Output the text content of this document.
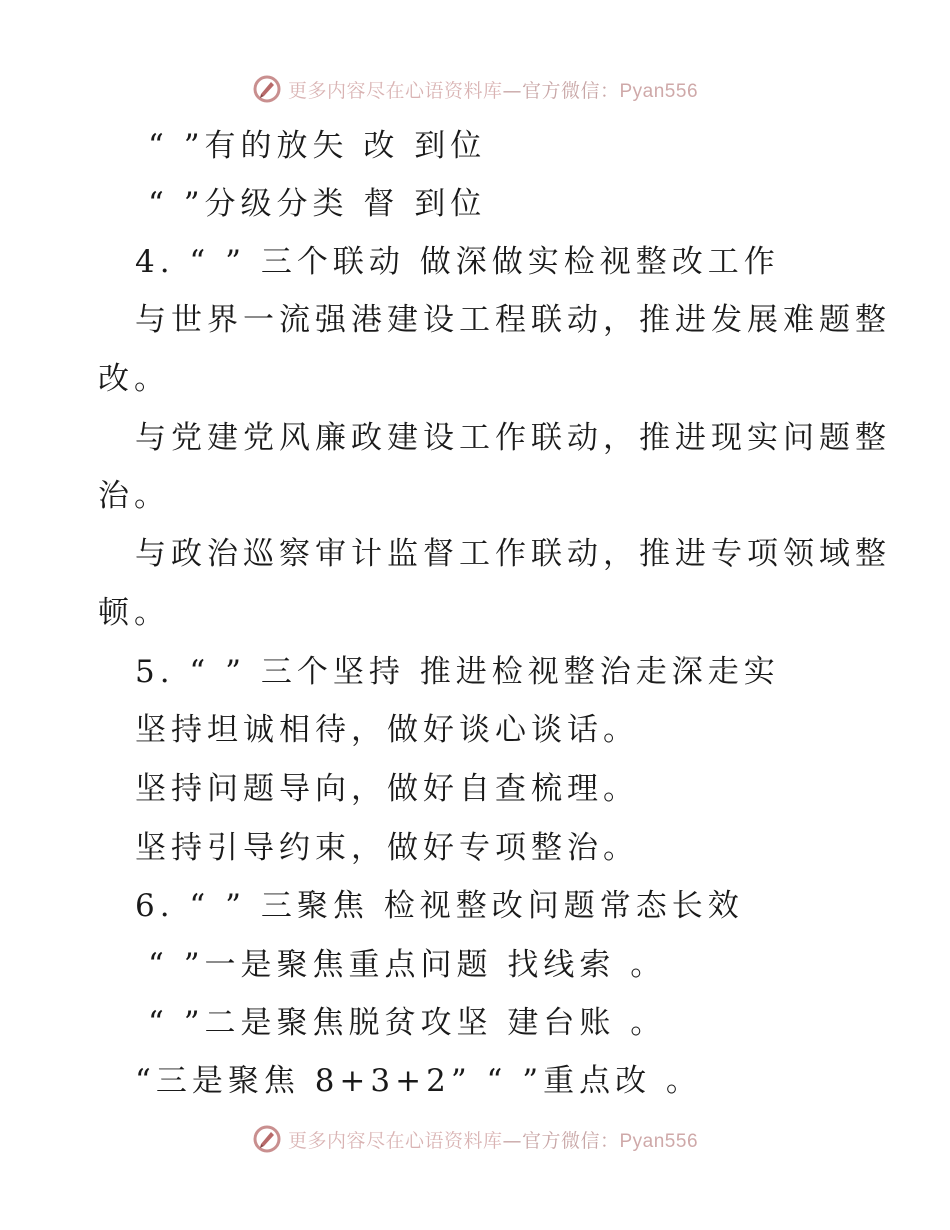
更多内容尽在心语资料库—官方微信：Pyan556
“ ”有的放矢 改 到位
“ ”分级分类 督 到位
4. “ ” 三个联动 做深做实检视整改工作
与世界一流强港建设工程联动，推进发展难题整
改。
与党建党风廉政建设工作联动，推进现实问题整
治。
与政治巡察审计监督工作联动，推进专项领域整
顿。
5. “ ” 三个坚持 推进检视整治走深走实
坚持坦诚相待，做好谈心谈话。
坚持问题导向，做好自查梳理。
坚持引导约束，做好专项整治。
6. “ ” 三聚焦 检视整改问题常态长效
“ ”一是聚焦重点问题 找线索 。
“ ”二是聚焦脱贫攻坚 建台账 。
“三是聚焦 8+3+2” “ ”重点改 。
更多内容尽在心语资料库—官方微信：Pyan556
